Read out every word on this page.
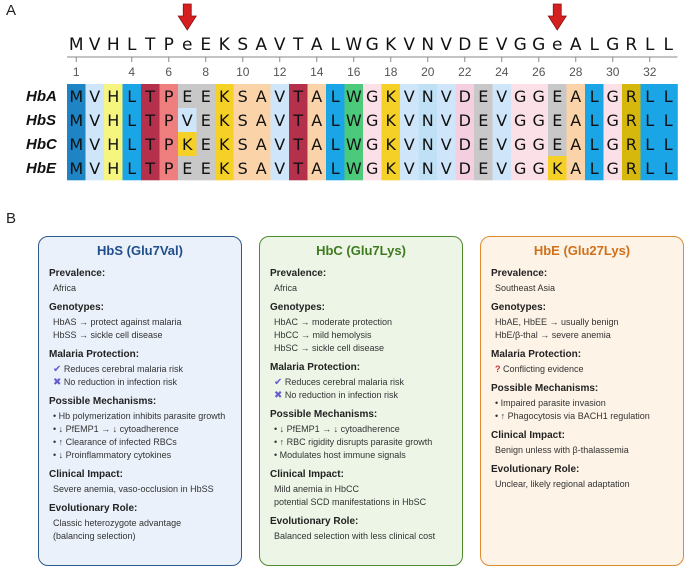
A
B
M V H L T P e E K S A V T A L W G K V N V D E V G G e A L G R L L
1	4	6	8 10 12 14 16 18 20 22 24 26 28 30 32
HbA M V H L T P E E K S A V T A L W G K V N V D E V G G E A L G R L L
HbS M V H L T P V E K S A V T A L W G K V N V D E V G G E A L G R L L
HbC M V H L T P K E K S A V T A L W G K V N V D E V G G E A L G R L L
HbE M V H L T P E E K S A V T A L W G K V N V D E V G G K A L G R L L
HbS (Glu7Val)
Prevalence:
Africa
Genotypes:
HbAS → protect against malaria
HbSS → sickle cell disease
Malaria Protection:
✔ Reduces cerebral malaria risk
✖ No reduction in infection risk
Possible Mechanisms:
• Hb polymerization inhibits parasite growth
• ↓ PfEMP1 → ↓ cytoadherence
• ↑ Clearance of infected RBCs
• ↓ Proinflammatory cytokines
Clinical Impact:
Severe anemia, vaso-occlusion in HbSS
Evolutionary Role:
Classic heterozygote advantage
(balancing selection)
HbC (Glu7Lys)
Prevalence:
Africa
Genotypes:
HbAC → moderate protection
HbCC → mild hemolysis
HbSC → sickle cell disease
Malaria Protection:
✔ Reduces cerebral malaria risk
✖ No reduction in infection risk
Possible Mechanisms:
• ↓ PfEMP1 → ↓ cytoadherence
• ↑ RBC rigidity disrupts parasite growth
• Modulates host immune signals
Clinical Impact:
Mild anemia in HbCC
potential SCD manifestations in HbSC
Evolutionary Role:
Balanced selection with less clinical cost
HbE (Glu27Lys)
Prevalence:
Southeast Asia
Genotypes:
HbAE, HbEE → usually benign
HbE/β-thal → severe anemia
Malaria Protection:
? Conflicting evidence
Possible Mechanisms:
• Impaired parasite invasion
• ↑ Phagocytosis via BACH1 regulation
Clinical Impact:
Benign unless with β-thalassemia
Evolutionary Role:
Unclear, likely regional adaptation
